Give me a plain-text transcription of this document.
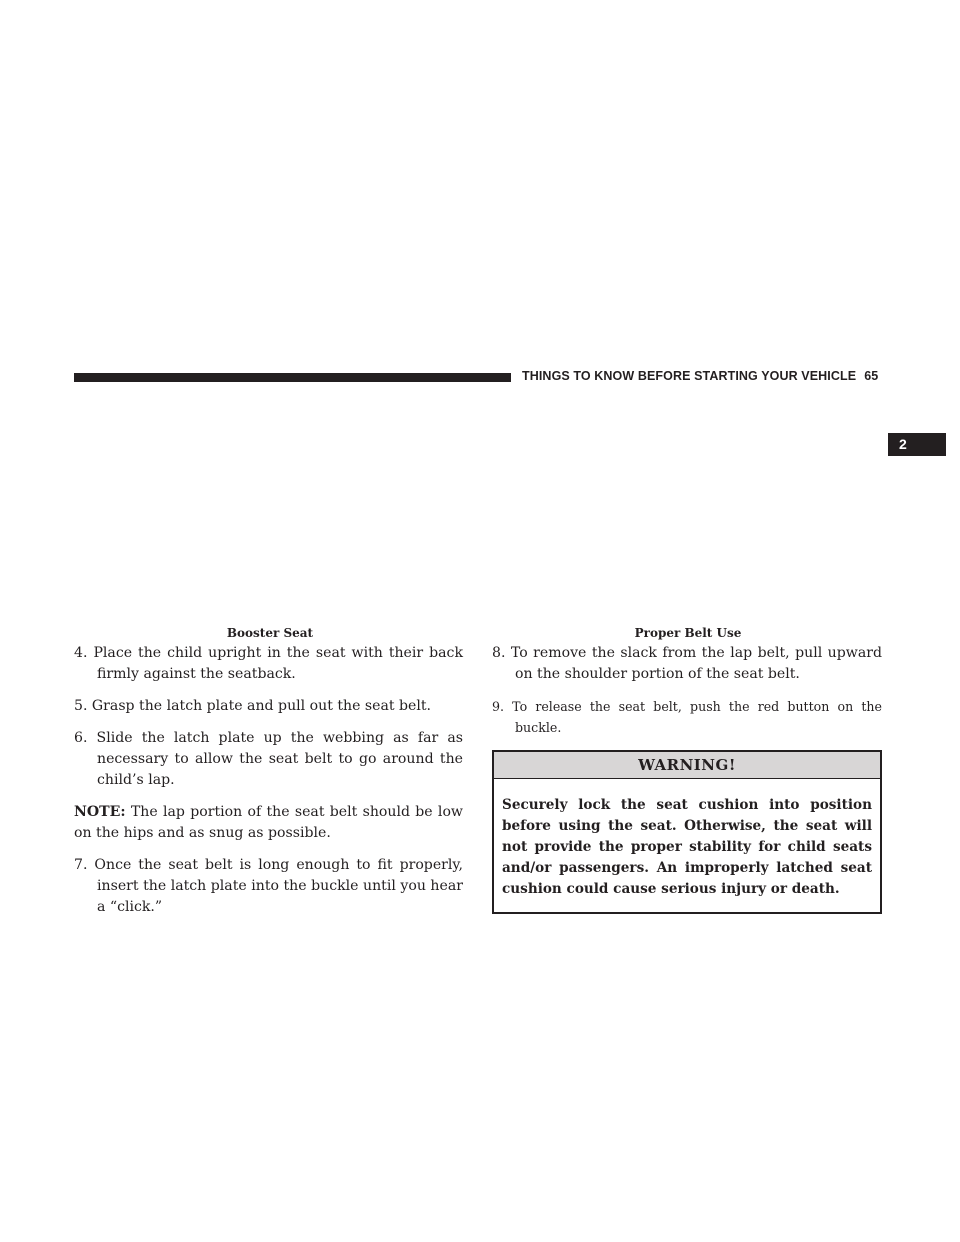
THINGS TO KNOW BEFORE STARTING YOUR VEHICLE 65
2
Booster Seat	Proper Belt Use

4. Place the child upright in the seat with their back firmly against the seatback.

5. Grasp the latch plate and pull out the seat belt.

6. Slide the latch plate up the webbing as far as necessary to allow the seat belt to go around the child’s lap.

NOTE: The lap portion of the seat belt should be low on the hips and as snug as possible.

7. Once the seat belt is long enough to fit properly, insert the latch plate into the buckle until you hear a “click.”

8. To remove the slack from the lap belt, pull upward on the shoulder portion of the seat belt.

9. To release the seat belt, push the red button on the buckle.

WARNING!
Securely lock the seat cushion into position before using the seat. Otherwise, the seat will not provide the proper stability for child seats and/or passengers. An improperly latched seat cushion could cause serious injury or death.
